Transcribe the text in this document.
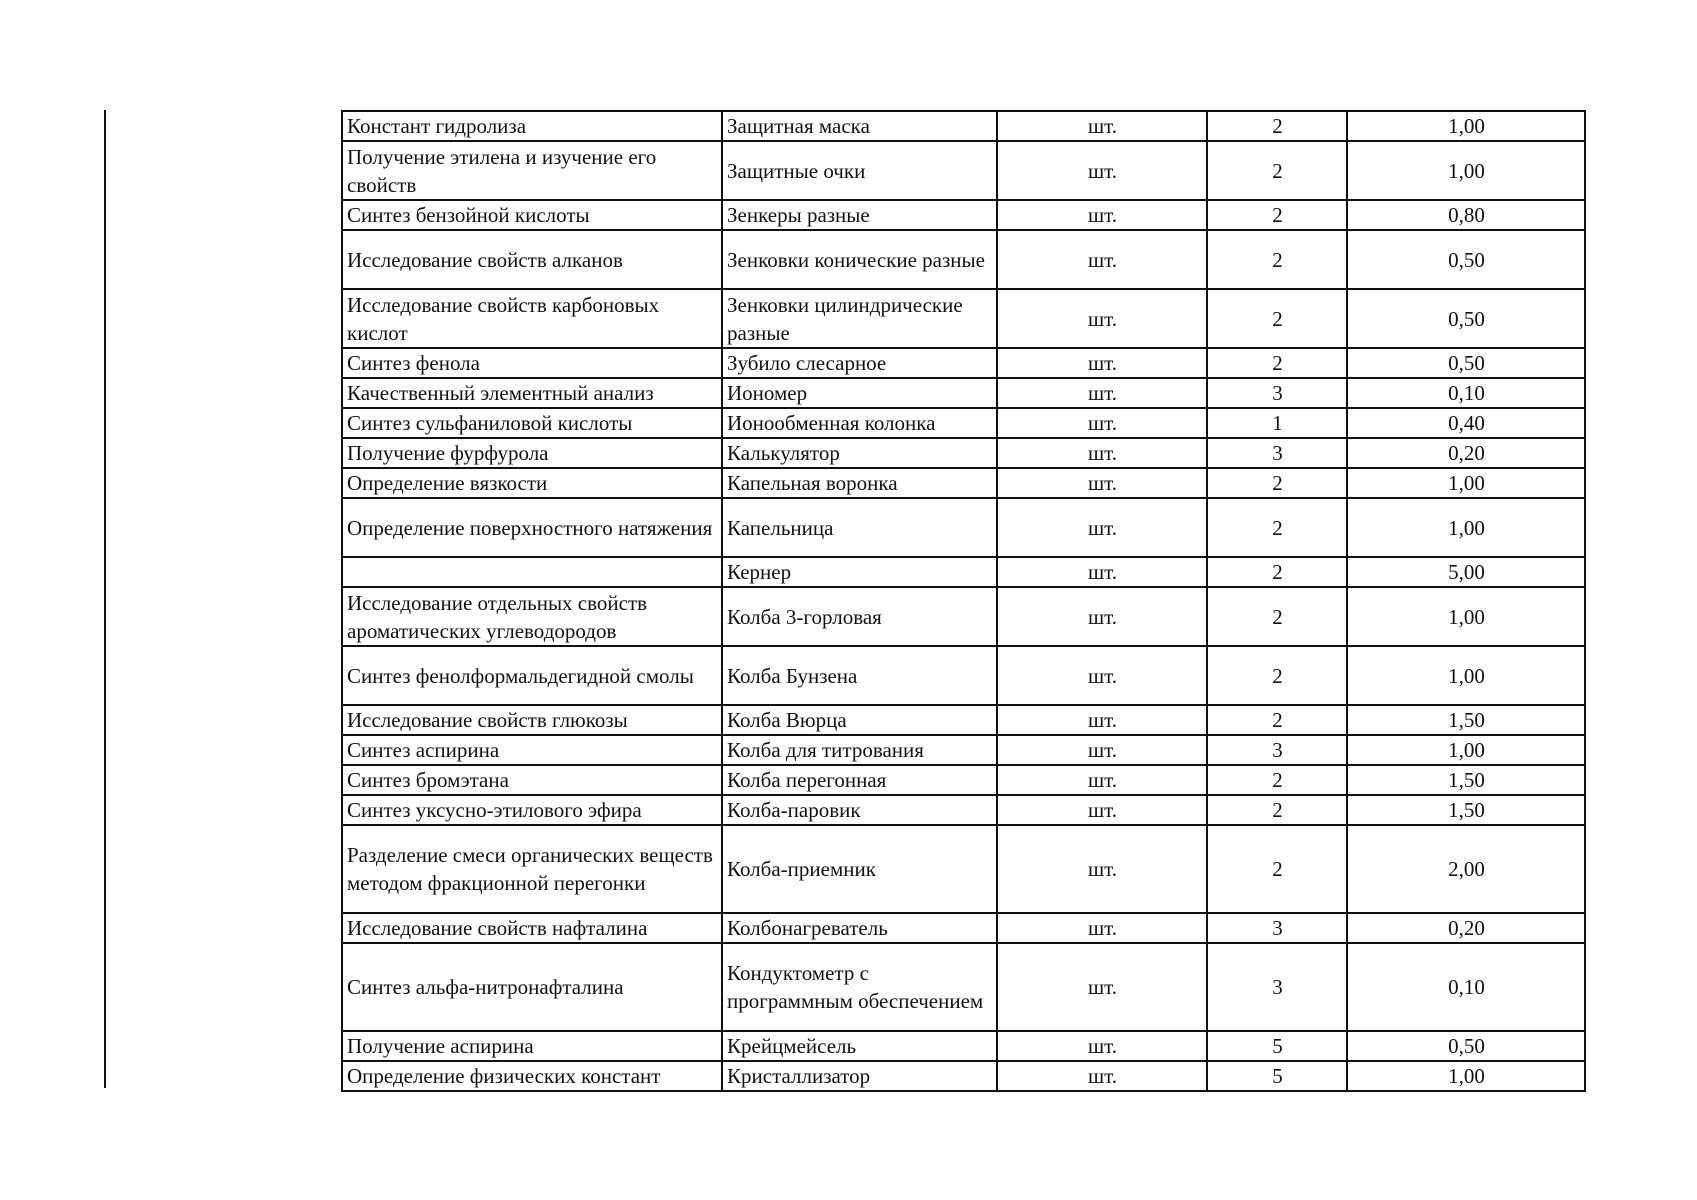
Констант гидролиза	Защитная маска	шт.	2	1,00
Получение этилена и изучение его свойств	Защитные очки	шт.	2	1,00
Синтез бензойной кислоты	Зенкеры разные	шт.	2	0,80
Исследование свойств алканов	Зенковки конические разные	шт.	2	0,50
Исследование свойств карбоновых кислот	Зенковки цилиндрические разные	шт.	2	0,50
Синтез фенола	Зубило слесарное	шт.	2	0,50
Качественный элементный анализ	Иономер	шт.	3	0,10
Синтез сульфаниловой кислоты	Ионообменная колонка	шт.	1	0,40
Получение фурфурола	Калькулятор	шт.	3	0,20
Определение вязкости	Капельная воронка	шт.	2	1,00
Определение поверхностного натяжения	Капельница	шт.	2	1,00
	Кернер	шт.	2	5,00
Исследование отдельных свойств ароматических углеводородов	Колба 3-горловая	шт.	2	1,00
Синтез фенолформальдегидной смолы	Колба Бунзена	шт.	2	1,00
Исследование свойств глюкозы	Колба Вюрца	шт.	2	1,50
Синтез аспирина	Колба для титрования	шт.	3	1,00
Синтез бромэтана	Колба перегонная	шт.	2	1,50
Синтез уксусно-этилового эфира	Колба-паровик	шт.	2	1,50
Разделение смеси органических веществ методом фракционной перегонки	Колба-приемник	шт.	2	2,00
Исследование свойств нафталина	Колбонагреватель	шт.	3	0,20
Синтез альфа-нитронафталина	Кондуктометр с программным обеспечением	шт.	3	0,10
Получение аспирина	Крейцмейсель	шт.	5	0,50
Определение физических констант	Кристаллизатор	шт.	5	1,00
